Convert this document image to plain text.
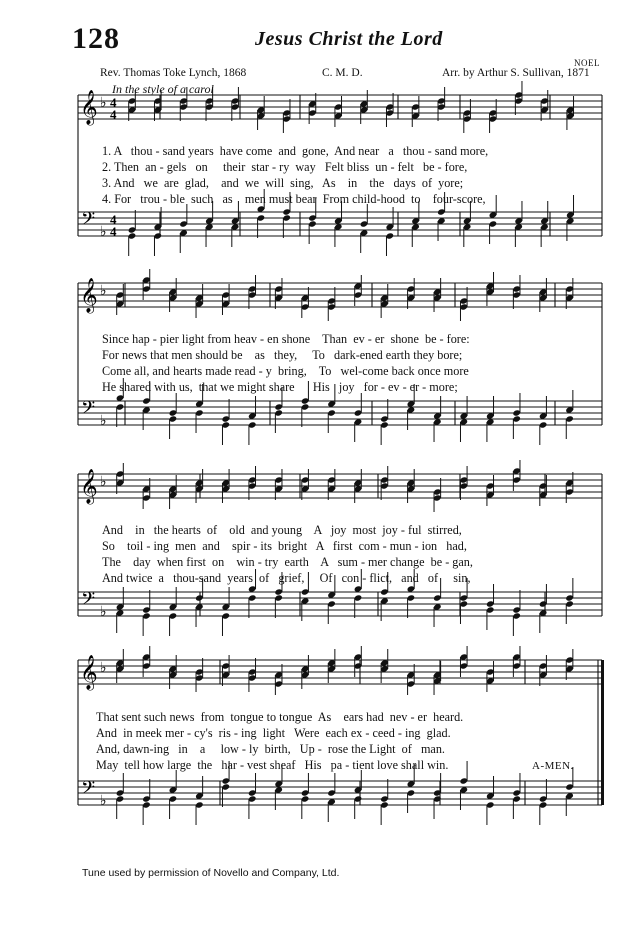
128	Jesus Christ the Lord
NOEL
Rev. Thomas Toke Lynch, 1868	C. M. D.	Arr. by Arthur S. Sullivan, 1871
In the style of a carol
𝄞
𝄢
♭
♭
4
4
4
4
𝄞
𝄢
♭
♭
𝄞
𝄢
♭
♭
𝄞
𝄢
♭
♭
1. A   thou - sand years  have come  and  gone,  And near   a   thou - sand more,
2. Then  an - gels   on     their  star - ry  way   Felt bliss  un - felt   be - fore,
3. And   we  are  glad,    and  we  will  sing,   As    in    the   days  of  yore;
4. For   trou - ble  such   as    men must bear  From child-hood  to    four-score,
Since hap - pier light from heav - en shone    Than  ev - er  shone  be - fore:
For news that men should be    as   they,     To   dark-ened earth they bore;
Come all, and hearts made read - y  bring,    To   wel-come back once more
He shared with us,  that we might share      His   joy   for - ev - er - more;
And    in   the hearts  of    old  and young    A   joy  most  joy - ful  stirred,
So    toil - ing  men  and    spir - its  bright   A   first  com - mun - ion   had,
The    day  when first  on    win - try  earth    A   sum - mer change  be - gan,
And twice  a   thou-sand  years  of   grief,     Of   con - flict,   and   of     sin,
That sent such news  from  tongue to tongue  As    ears had  nev - er  heard.
And  in meek mer - cy's  ris - ing  light   Were  each ex - ceed - ing  glad.
And, dawn-ing   in    a     low - ly  birth,   Up -  rose the Light  of   man.
May  tell how large  the   har - vest sheaf   His   pa - tient love shall win.	A-MEN.
Tune used by permission of Novello and Company, Ltd.
